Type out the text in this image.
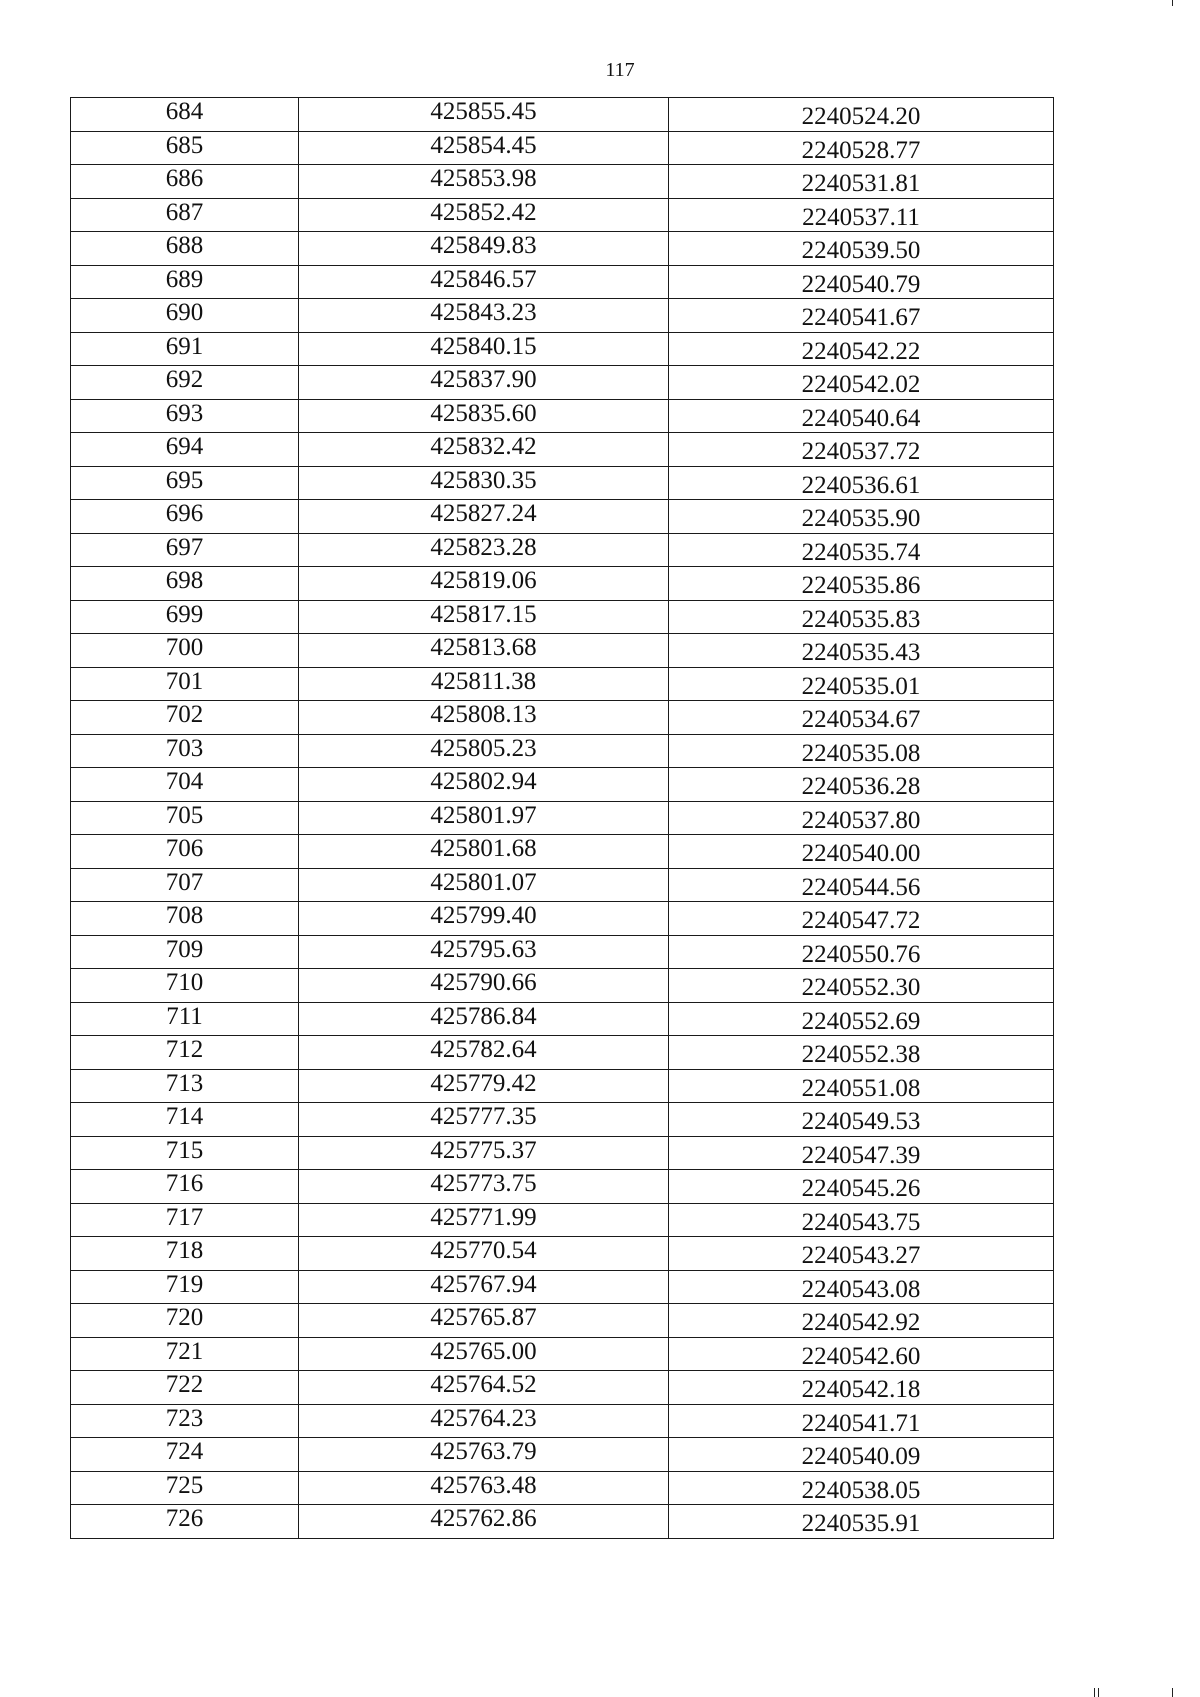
117
684	425855.45	2240524.20

685	425854.45	2240528.77

686	425853.98	2240531.81

687	425852.42	2240537.11

688	425849.83	2240539.50

689	425846.57	2240540.79

690	425843.23	2240541.67

691	425840.15	2240542.22

692	425837.90	2240542.02

693	425835.60	2240540.64

694	425832.42	2240537.72

695	425830.35	2240536.61

696	425827.24	2240535.90

697	425823.28	2240535.74

698	425819.06	2240535.86

699	425817.15	2240535.83

700	425813.68	2240535.43

701	425811.38	2240535.01

702	425808.13	2240534.67

703	425805.23	2240535.08

704	425802.94	2240536.28

705	425801.97	2240537.80

706	425801.68	2240540.00

707	425801.07	2240544.56

708	425799.40	2240547.72

709	425795.63	2240550.76

710	425790.66	2240552.30

711	425786.84	2240552.69

712	425782.64	2240552.38

713	425779.42	2240551.08

714	425777.35	2240549.53

715	425775.37	2240547.39

716	425773.75	2240545.26

717	425771.99	2240543.75

718	425770.54	2240543.27

719	425767.94	2240543.08

720	425765.87	2240542.92

721	425765.00	2240542.60

722	425764.52	2240542.18

723	425764.23	2240541.71

724	425763.79	2240540.09

725	425763.48	2240538.05

726	425762.86	2240535.91
